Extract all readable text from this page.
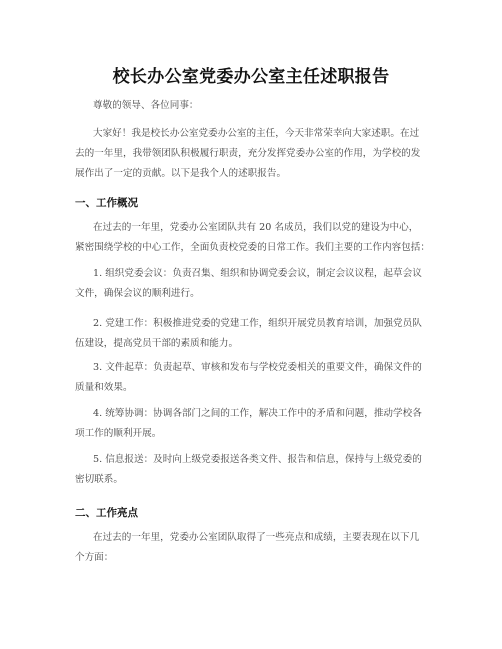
校长办公室党委办公室主任述职报告

尊敬的领导、各位同事：

大家好！我是校长办公室党委办公室的主任，今天非常荣幸向大家述职。在过
去的一年里，我带领团队积极履行职责，充分发挥党委办公室的作用，为学校的发
展作出了一定的贡献。以下是我个人的述职报告。

一、工作概况

在过去的一年里，党委办公室团队共有 20 名成员，我们以党的建设为中心，
紧密围绕学校的中心工作，全面负责校党委的日常工作。我们主要的工作内容包括：

1. 组织党委会议：负责召集、组织和协调党委会议，制定会议议程，起草会议
文件，确保会议的顺利进行。

2. 党建工作：积极推进党委的党建工作，组织开展党员教育培训，加强党员队
伍建设，提高党员干部的素质和能力。

3. 文件起草：负责起草、审核和发布与学校党委相关的重要文件，确保文件的
质量和效果。

4. 统筹协调：协调各部门之间的工作，解决工作中的矛盾和问题，推动学校各
项工作的顺利开展。

5. 信息报送：及时向上级党委报送各类文件、报告和信息，保持与上级党委的
密切联系。

二、工作亮点

在过去的一年里，党委办公室团队取得了一些亮点和成绩，主要表现在以下几
个方面：
